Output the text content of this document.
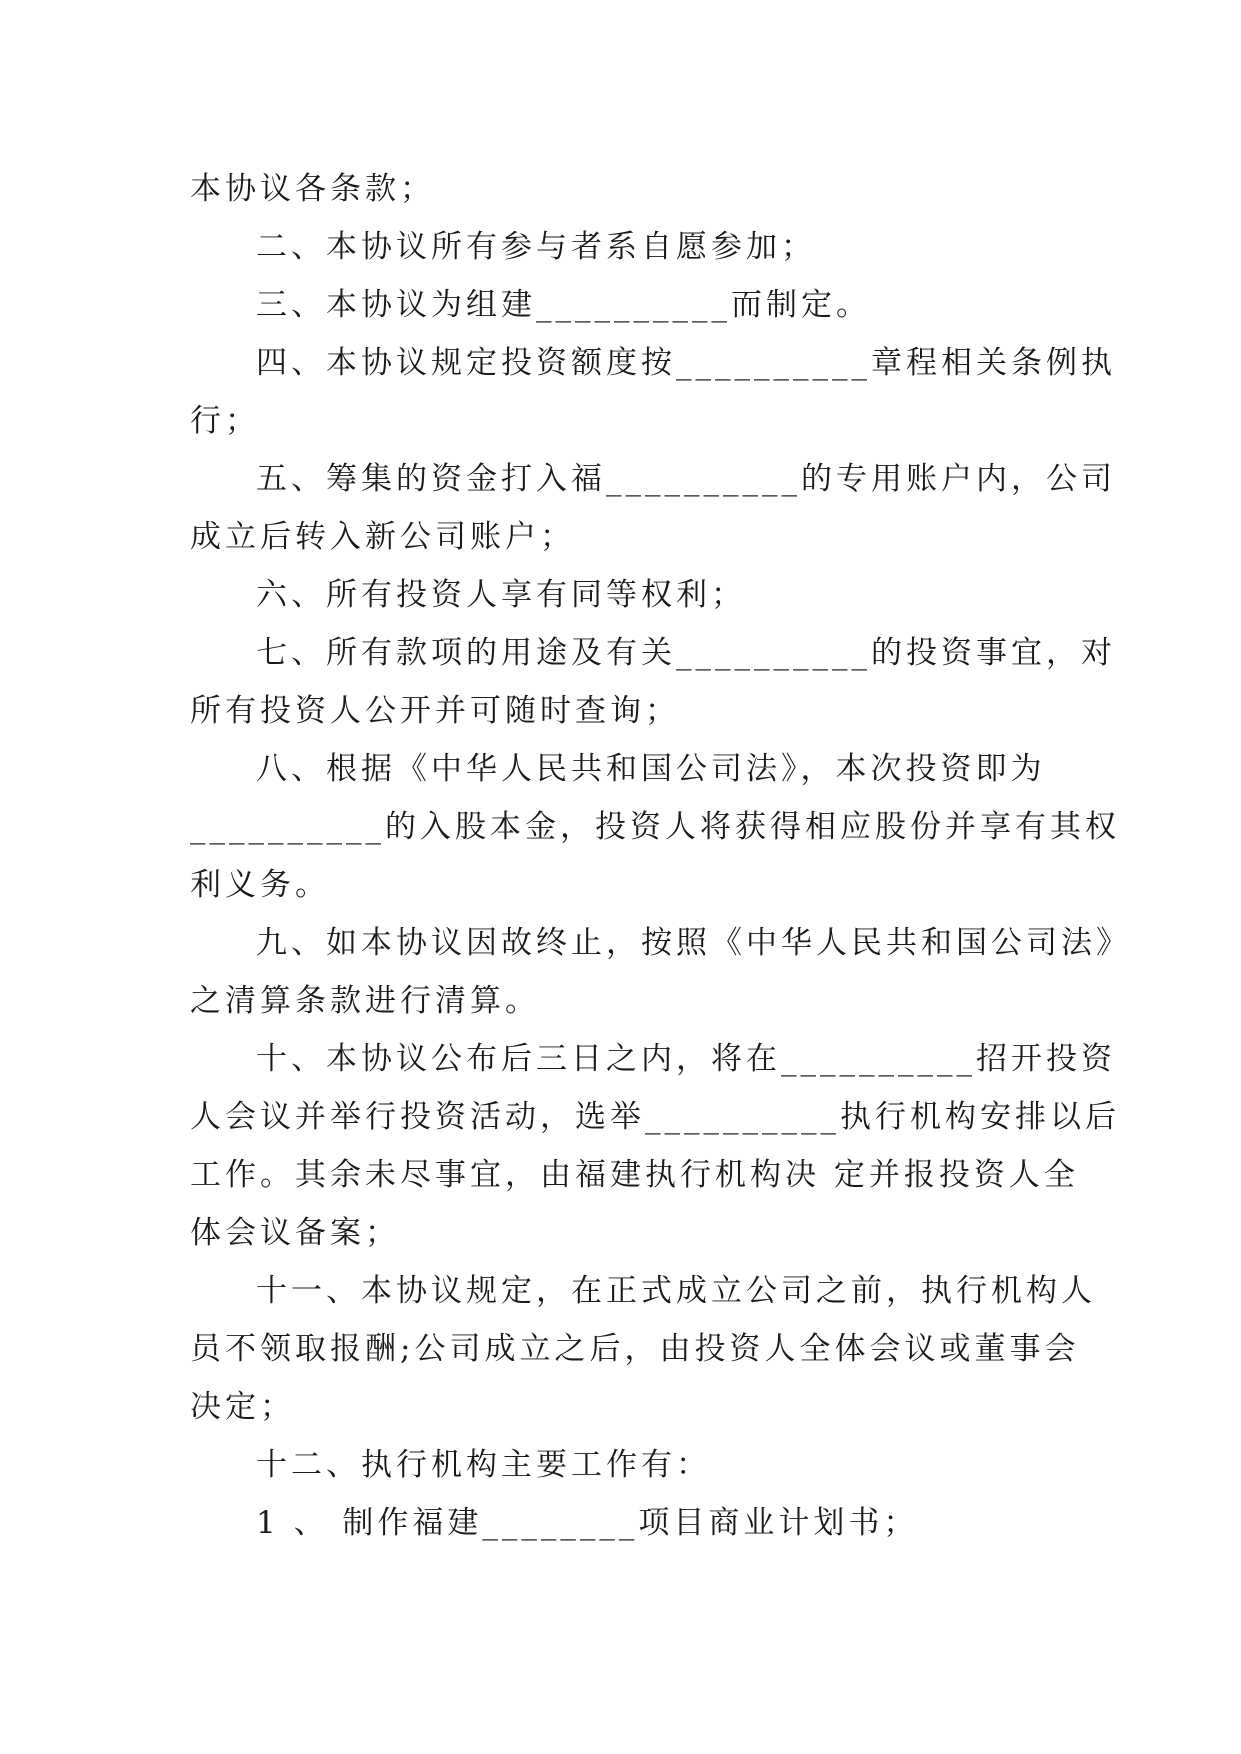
本协议各条款；
二、本协议所有参与者系自愿参加；
三、本协议为组建__________而制定。
四、本协议规定投资额度按__________章程相关条例执
行；
五、筹集的资金打入福__________的专用账户内，公司
成立后转入新公司账户；
六、所有投资人享有同等权利；
七、所有款项的用途及有关__________的投资事宜，对
所有投资人公开并可随时查询；
八、根据《中华人民共和国公司法》，本次投资即为
__________的入股本金，投资人将获得相应股份并享有其权
利义务。
九、如本协议因故终止，按照《中华人民共和国公司法》
之清算条款进行清算。
十、本协议公布后三日之内，将在__________招开投资
人会议并举行投资活动，选举__________执行机构安排以后
工作。其余未尽事宜，由福建执行机构决 定并报投资人全
体会议备案；
十一、本协议规定，在正式成立公司之前，执行机构人
员不领取报酬;公司成立之后，由投资人全体会议或董事会
决定；
十二、执行机构主要工作有：
1 、 制作福建________项目商业计划书；
